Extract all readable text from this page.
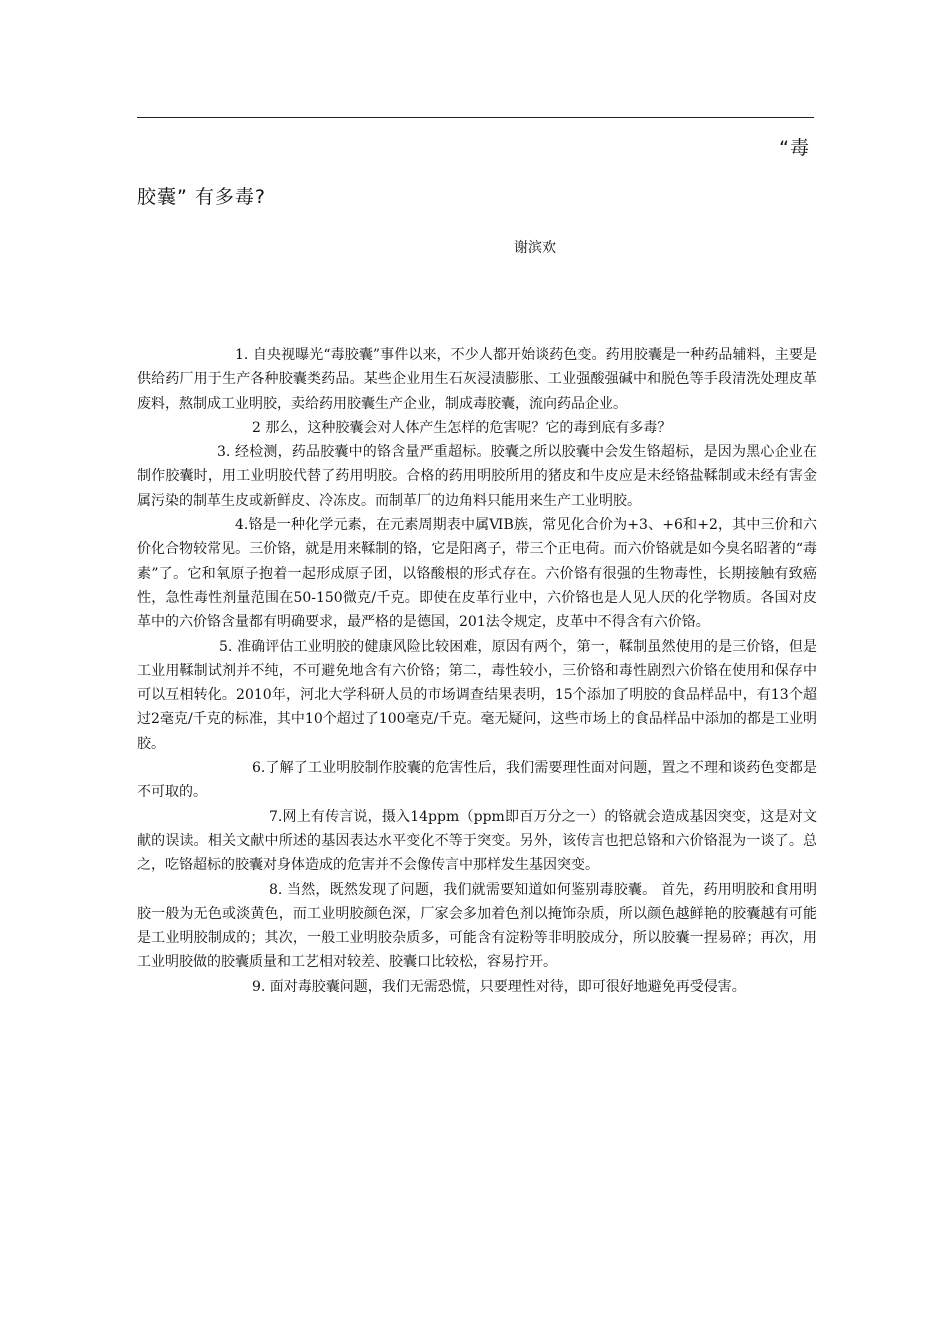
“毒
胶囊” 有多毒?
谢滨欢

1. 自央视曝光“毒胶囊”事件以来，不少人都开始谈药色变。药用胶囊是一种药品辅料，主要是供给药厂用于生产各种胶囊类药品。某些企业用生石灰浸渍膨胀、工业强酸强碱中和脱色等手段清洗处理皮革废料，熬制成工业明胶，卖给药用胶囊生产企业，制成毒胶囊，流向药品企业。

2 那么，这种胶囊会对人体产生怎样的危害呢？它的毒到底有多毒？

3. 经检测，药品胶囊中的铬含量严重超标。胶囊之所以胶囊中会发生铬超标，是因为黑心企业在制作胶囊时，用工业明胶代替了药用明胶。合格的药用明胶所用的猪皮和牛皮应是未经铬盐鞣制或未经有害金属污染的制革生皮或新鲜皮、冷冻皮。而制革厂的边角料只能用来生产工业明胶。

4.铬是一种化学元素，在元素周期表中属ⅥB族，常见化合价为+3、+6和+2，其中三价和六价化合物较常见。三价铬，就是用来鞣制的铬，它是阳离子，带三个正电荷。而六价铬就是如今臭名昭著的“毒素”了。它和氧原子抱着一起形成原子团，以铬酸根的形式存在。六价铬有很强的生物毒性，长期接触有致癌性，急性毒性剂量范围在50-150微克/千克。即使在皮革行业中，六价铬也是人见人厌的化学物质。各国对皮革中的六价铬含量都有明确要求，最严格的是德国，201法令规定，皮革中不得含有六价铬。

5. 准确评估工业明胶的健康风险比较困难，原因有两个，第一，鞣制虽然使用的是三价铬，但是工业用鞣制试剂并不纯，不可避免地含有六价铬；第二，毒性较小，三价铬和毒性剧烈六价铬在使用和保存中可以互相转化。2010年，河北大学科研人员的市场调查结果表明，15个添加了明胶的食品样品中，有13个超过2毫克/千克的标准，其中10个超过了100毫克/千克。毫无疑问，这些市场上的食品样品中添加的都是工业明胶。

6.了解了工业明胶制作胶囊的危害性后，我们需要理性面对问题，置之不理和谈药色变都是不可取的。

7.网上有传言说，摄入14ppm（ppm即百万分之一）的铬就会造成基因突变，这是对文献的误读。相关文献中所述的基因表达水平变化不等于突变。另外，该传言也把总铬和六价铬混为一谈了。总之，吃铬超标的胶囊对身体造成的危害并不会像传言中那样发生基因突变。

8. 当然，既然发现了问题，我们就需要知道如何鉴别毒胶囊。 首先，药用明胶和食用明胶一般为无色或淡黄色，而工业明胶颜色深，厂家会多加着色剂以掩饰杂质，所以颜色越鲜艳的胶囊越有可能是工业明胶制成的；其次，一般工业明胶杂质多，可能含有淀粉等非明胶成分，所以胶囊一捏易碎；再次，用工业明胶做的胶囊质量和工艺相对较差、胶囊口比较松，容易拧开。

9. 面对毒胶囊问题，我们无需恐慌，只要理性对待，即可很好地避免再受侵害。
